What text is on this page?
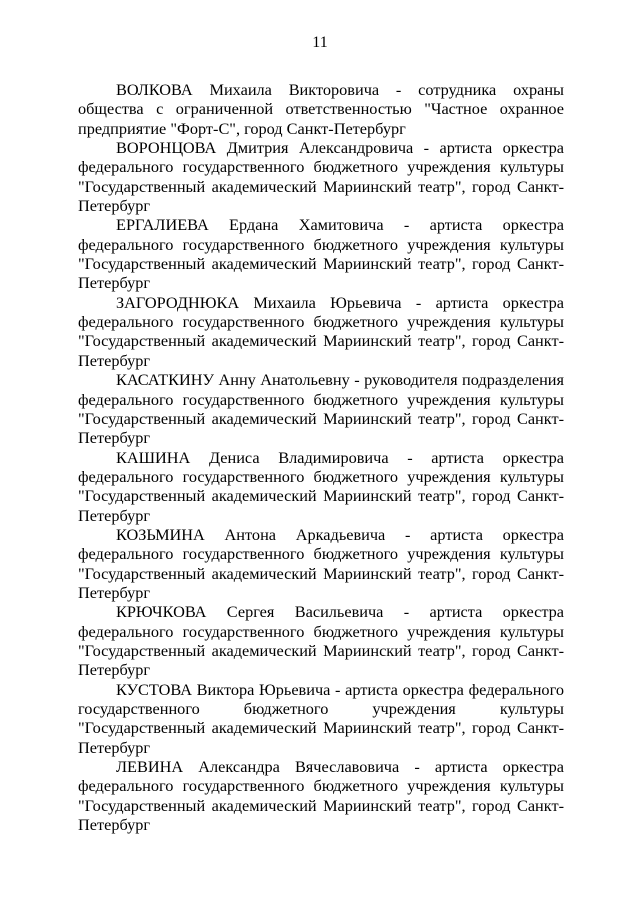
11

ВОЛКОВА Михаила Викторовича - сотрудника охраны общества с ограниченной ответственностью "Частное охранное предприятие "Форт-С", город Санкт-Петербург

ВОРОНЦОВА Дмитрия Александровича - артиста оркестра федерального государственного бюджетного учреждения культуры "Государственный академический Мариинский театр", город Санкт-Петербург

ЕРГАЛИЕВА Ердана Хамитовича - артиста оркестра федерального государственного бюджетного учреждения культуры "Государственный академический Мариинский театр", город Санкт-Петербург

ЗАГОРОДНЮКА Михаила Юрьевича - артиста оркестра федерального государственного бюджетного учреждения культуры "Государственный академический Мариинский театр", город Санкт-Петербург

КАСАТКИНУ Анну Анатольевну - руководителя подразделения федерального государственного бюджетного учреждения культуры "Государственный академический Мариинский театр", город Санкт-Петербург

КАШИНА Дениса Владимировича - артиста оркестра федерального государственного бюджетного учреждения культуры "Государственный академический Мариинский театр", город Санкт-Петербург

КОЗЬМИНА Антона Аркадьевича - артиста оркестра федерального государственного бюджетного учреждения культуры "Государственный академический Мариинский театр", город Санкт-Петербург

КРЮЧКОВА Сергея Васильевича - артиста оркестра федерального государственного бюджетного учреждения культуры "Государственный академический Мариинский театр", город Санкт-Петербург

КУСТОВА Виктора Юрьевича - артиста оркестра федерального государственного бюджетного учреждения культуры "Государственный академический Мариинский театр", город Санкт-Петербург

ЛЕВИНА Александра Вячеславовича - артиста оркестра федерального государственного бюджетного учреждения культуры "Государственный академический Мариинский театр", город Санкт-Петербург
